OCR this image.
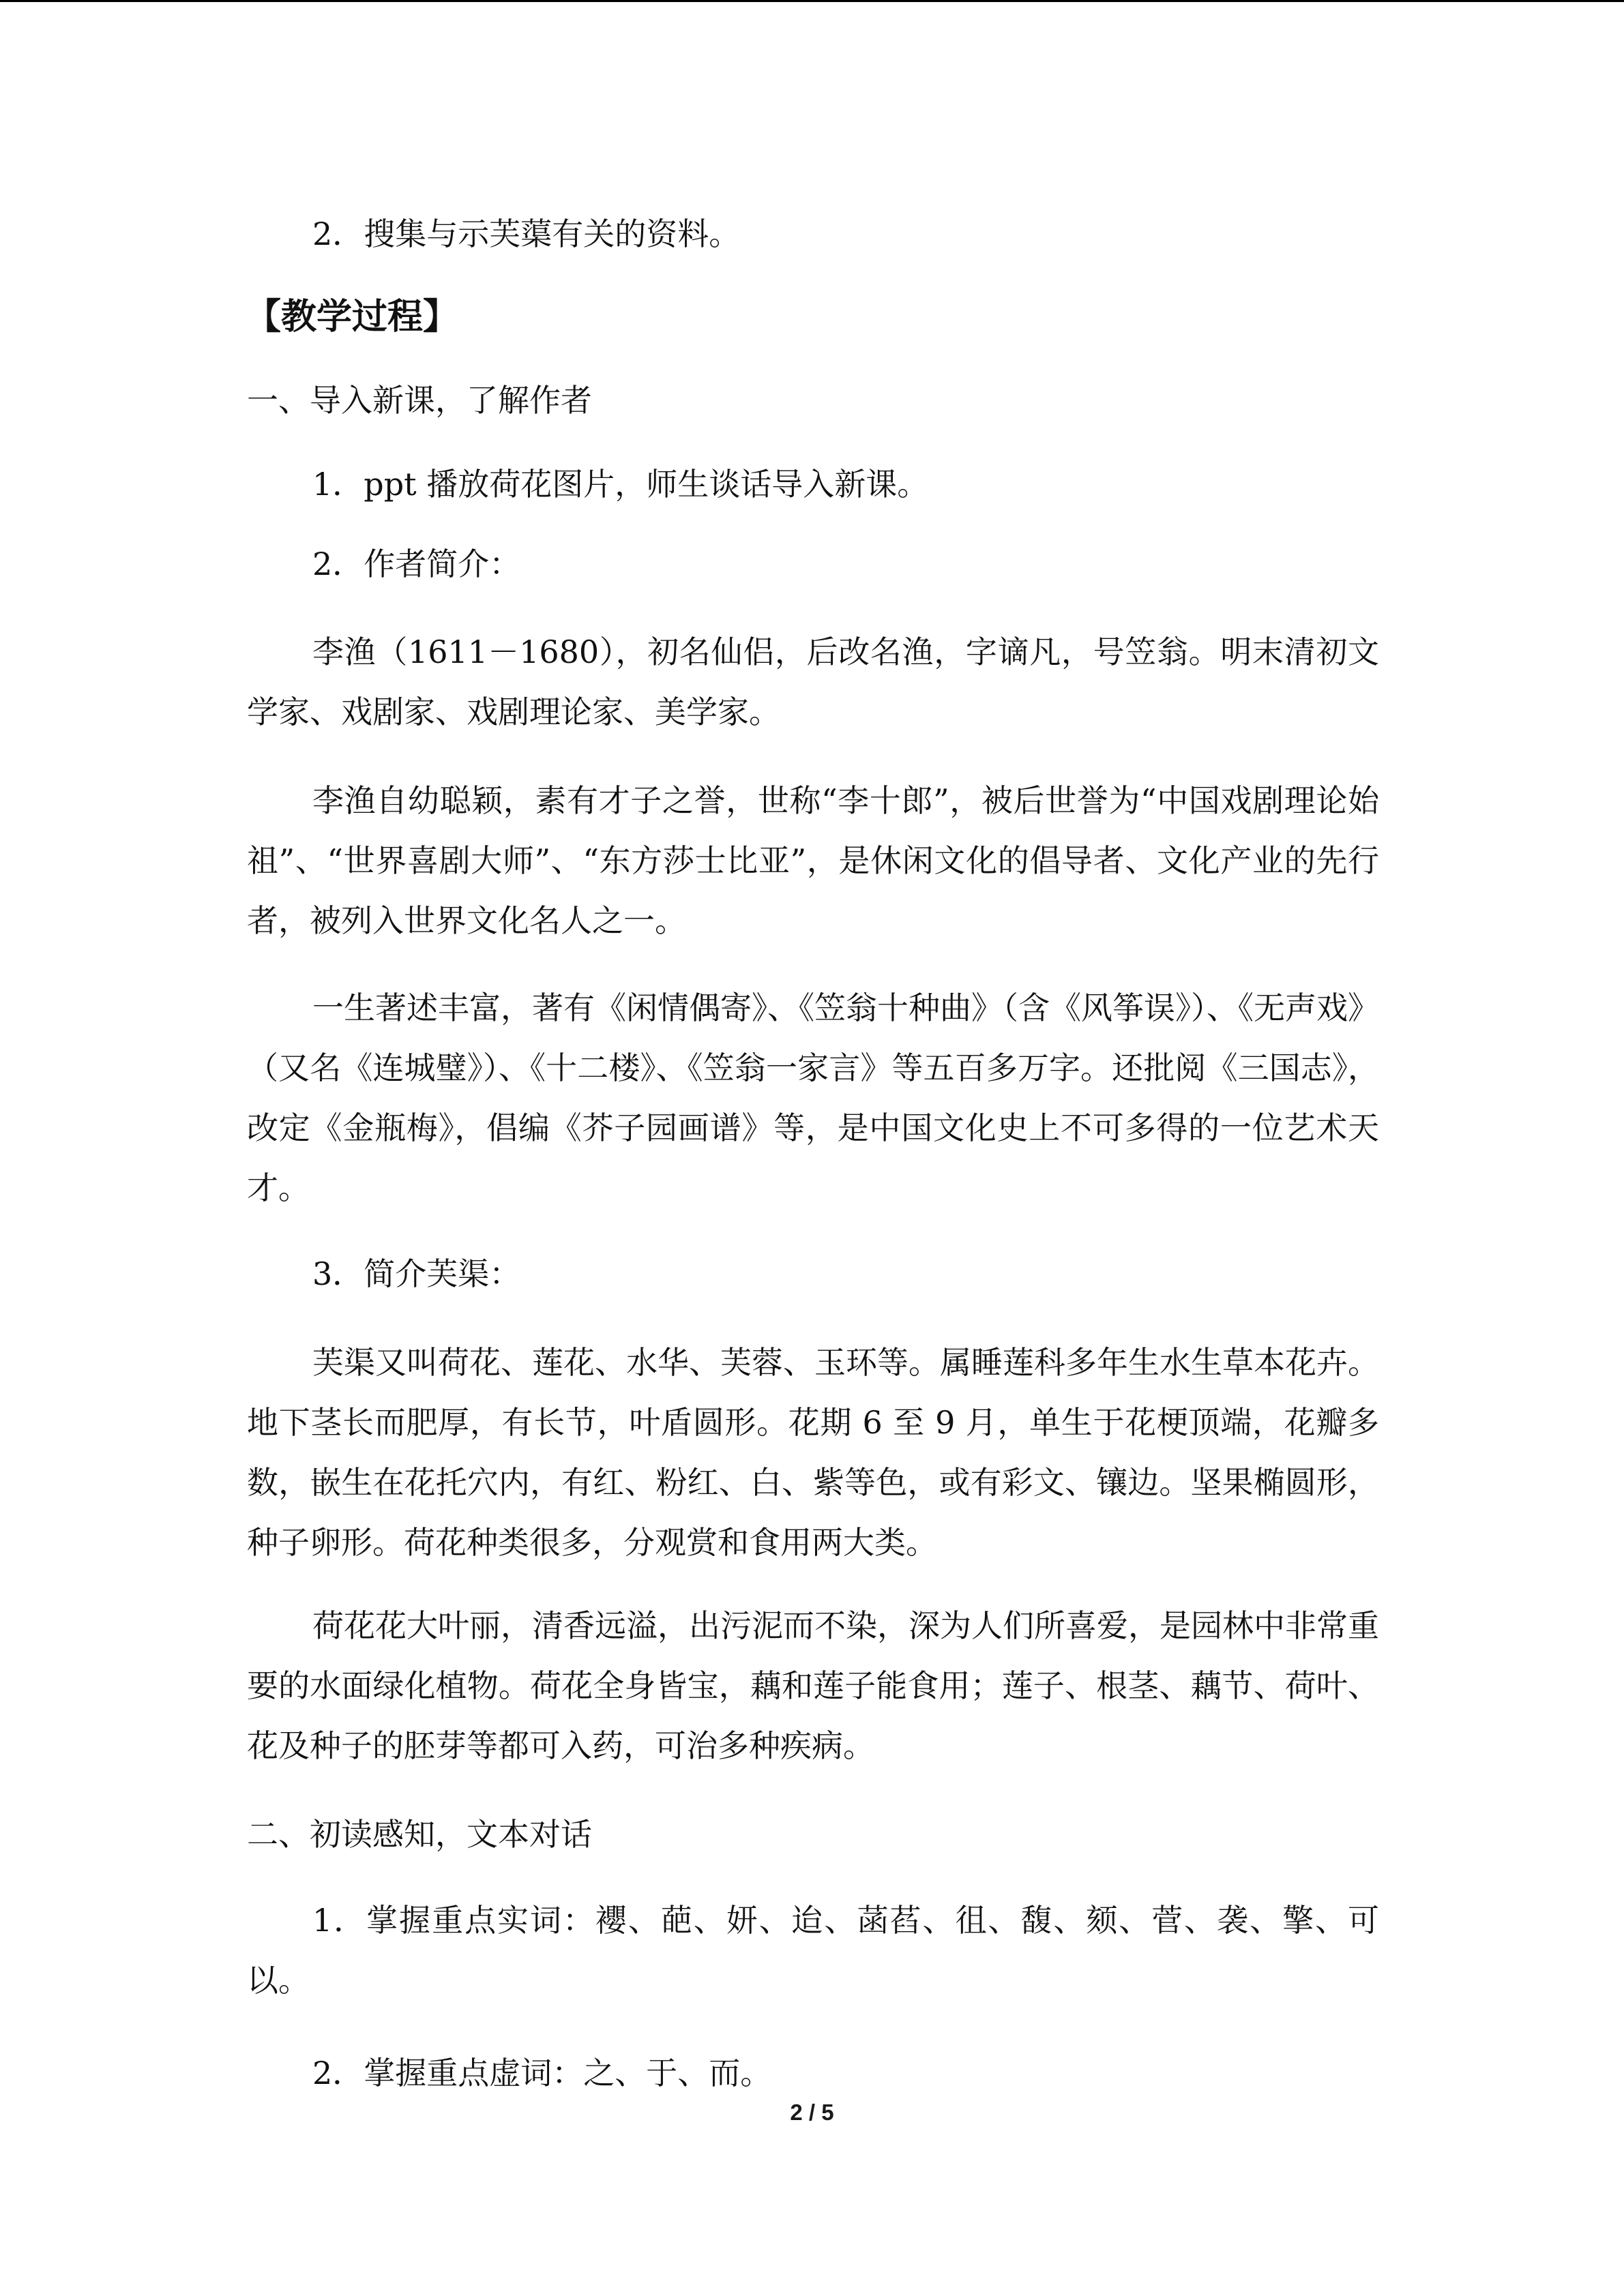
2．搜集与示芙蕖有关的资料。
【教学过程】
一、导入新课，了解作者
1．ppt 播放荷花图片，师生谈话导入新课。
2．作者简介：
李渔（1611－1680），初名仙侣，后改名渔，字谪凡，号笠翁。明末清初文学家、戏剧家、戏剧理论家、美学家。
李渔自幼聪颖，素有才子之誉，世称“李十郎”，被后世誉为“中国戏剧理论始祖”、“世界喜剧大师”、“东方莎士比亚”，是休闲文化的倡导者、文化产业的先行者，被列入世界文化名人之一。
一生著述丰富，著有《闲情偶寄》、《笠翁十种曲》（含《风筝误》）、《无声戏》（又名《连城璧》）、《十二楼》、《笠翁一家言》等五百多万字。还批阅《三国志》，改定《金瓶梅》，倡编《芥子园画谱》等，是中国文化史上不可多得的一位艺术天才。
3．简介芙渠：
芙渠又叫荷花、莲花、水华、芙蓉、玉环等。属睡莲科多年生水生草本花卉。地下茎长而肥厚，有长节，叶盾圆形。花期 6 至 9 月，单生于花梗顶端，花瓣多数，嵌生在花托穴内，有红、粉红、白、紫等色，或有彩文、镶边。坚果椭圆形，种子卵形。荷花种类很多，分观赏和食用两大类。
荷花花大叶丽，清香远溢，出污泥而不染，深为人们所喜爱，是园林中非常重要的水面绿化植物。荷花全身皆宝，藕和莲子能食用；莲子、根茎、藕节、荷叶、花及种子的胚芽等都可入药，可治多种疾病。
二、初读感知，文本对话
1．掌握重点实词：䙬、葩、妍、迨、菡萏、徂、馥、颏、菅、袭、擎、可以。
2．掌握重点虚词：之、于、而。
2 / 5
